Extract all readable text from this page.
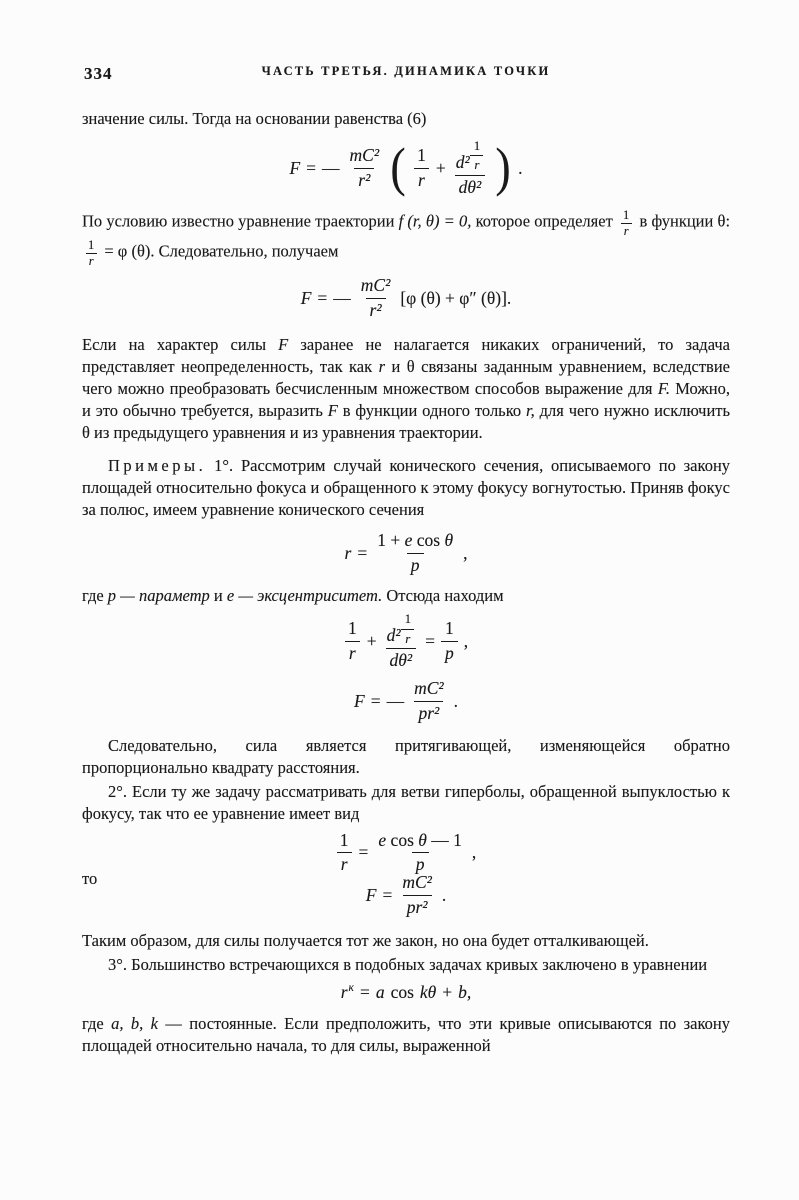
334	ЧАСТЬ ТРЕТЬЯ. ДИНАМИКА ТОЧКИ

значение силы. Тогда на основании равенства (6)

F = — $\frac{\text{mC²}}{\text{r²}}$ ( $\frac{1}{r} + \frac{d^2 \frac{1}{r}}{\text{dθ²}}$ ) .

По условию известно уравнение траектории f (r, θ) = 0, которое определяет $\frac{1}{r}$ в функции θ:
$\frac{1}{r} = \varphi$ (θ). Следовательно, получаем

F = — $\frac{\text{mC²}}{\text{r²}} [\varphi$ (θ) + φ″ (θ)].

Если на характер силы F заранее не налагается никаких ограничений, то задача представляет неопределенность, так как r и θ связаны заданным уравнением, вследствие чего можно преобразовать бесчисленным множеством способов выражение для F. Можно, и это обычно требуется, выразить F в функции одного только r, для чего нужно исключить θ из предыдущего уравнения и из уравнения траектории.

Примеры. 1°. Рассмотрим случай конического сечения, описываемого по закону площадей относительно фокуса и обращенного к этому фокусу вогнутостью. Приняв фокус за полюс, имеем уравнение конического сечения

r = 1 +
e
cos
θ
p ,

где p — параметр и e — эксцентриситет. Отсюда находим

$\frac{1}{r} + \frac{d^2 \frac{1}{r}}{\text{dθ²}} = \frac{1}{p}$ ,
F = — $\frac{\text{mC²}}{\text{pr²}}$ .

Следовательно, сила является притягивающей, изменяющейся обратно пропорционально квадрату расстояния.

2°. Если ту же задачу рассматривать для ветви гиперболы, обращенной выпуклостью к фокусу, так что ее уравнение имеет вид

$\frac{1}{r} = e$
cos
θ
— 1
p ,

то

$F = \frac{\text{mC²}}{\text{pr²}}$ .

Таким образом, для силы получается тот же закон, но она будет отталкивающей.

3°. Большинство встречающихся в подобных задачах кривых заключено в уравнении

$r^к = a$ cos kθ + b,

где a, b, k — постоянные. Если предположить, что эти кривые описываются по закону площадей относительно начала, то для силы, выраженной
